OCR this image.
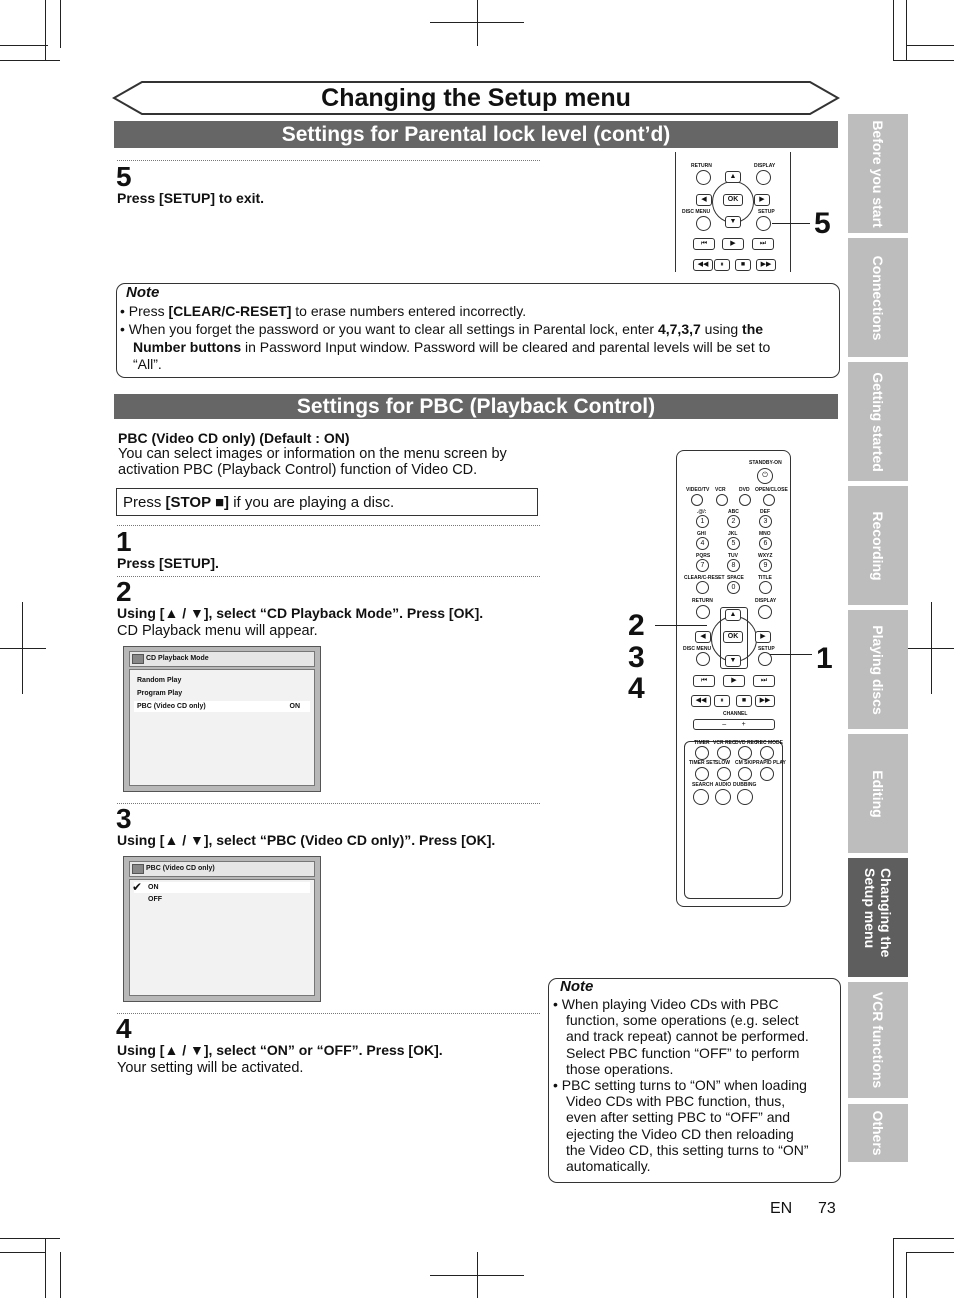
Changing the Setup menu
Settings for Parental lock level (cont’d)
5
Press [SETUP] to exit.
RETURN	DISPLAY
▲
▼
◀	▶
OK
DISC MENU	SETUP
⏮	▶	⏭
◀◀	⏸	■	▶▶
5
Note
• Press [CLEAR/C-RESET] to erase numbers entered incorrectly.
• When you forget the password or you want to clear all settings in Parental lock, enter 4,7,3,7 using the
Number buttons in Password Input window. Password will be cleared and parental levels will be set to
“All”.
Settings for PBC (Playback Control)
PBC (Video CD only) (Default : ON)
You can select images or information on the menu screen by
activation PBC (Playback Control) function of Video CD.
Press [STOP ■] if you are playing a disc.
1
Press [SETUP].
2
Using [▲ / ▼], select “CD Playback Mode”. Press [OK].
CD Playback menu will appear.
CD Playback Mode
Random Play
Program Play
PBC (Video CD only)	ON
3
Using [▲ / ▼], select “PBC (Video CD only)”. Press [OK].
PBC (Video CD only)
ON
OFF
✔
4
Using [▲ / ▼], select “ON” or “OFF”. Press [OK].
Your setting will be activated.
STANDBY-ON
⏻
VIDEO/TV VCR	DVD OPEN/CLOSE
.@/:	ABC	DEF
1	2	3
GHI	JKL	MNO
4	5	6
PQRS	TUV	WXYZ
7	8	9
CLEAR/C-RESET SPACE	TITLE
0
RETURN	DISPLAY
▲
▼
◀	▶
OK
DISC MENU	SETUP
⏮	▶	⏭
◀◀	⏸	■	▶▶
CHANNEL
–        +
TIMER VCR REC DVD REC
REC MODE
TIMER SET SLOW CM SKIP RAPID PLAY
SEARCH AUDIO DUBBING
2
3
4
1
Note
• When playing Video CDs with PBC
function, some operations (e.g. select
and track repeat) cannot be performed.
Select PBC function “OFF” to perform
those operations.
• PBC setting turns to “ON” when loading
Video CDs with PBC function, thus,
even after setting PBC to “OFF” and
ejecting the Video CD then reloading
the Video CD, this setting turns to “ON”
automatically.
Before you start
Connections
Getting started
Recording
Playing discs
Editing
Changing the Setup menu
VCR functions
Others
EN 73
